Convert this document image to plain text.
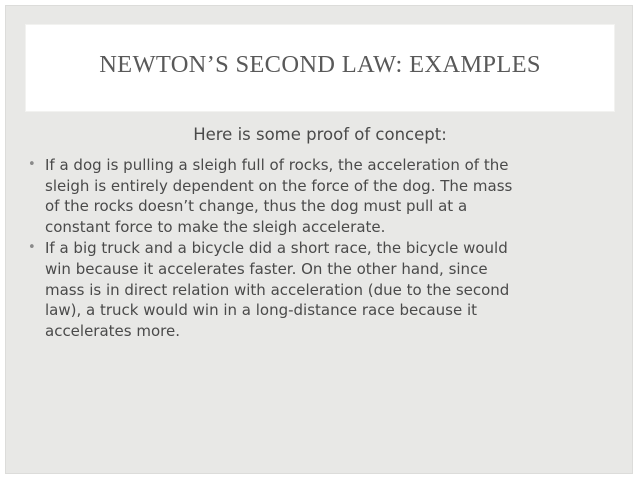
NEWTON’S SECOND LAW: EXAMPLES
Here is some proof of concept:
• If a dog is pulling a sleigh full of rocks, the acceleration of the
sleigh is entirely dependent on the force of the dog. The mass
of the rocks doesn’t change, thus the dog must pull at a
constant force to make the sleigh accelerate.
• If a big truck and a bicycle did a short race, the bicycle would
win because it accelerates faster. On the other hand, since
mass is in direct relation with acceleration (due to the second
law), a truck would win in a long-distance race because it
accelerates more.
